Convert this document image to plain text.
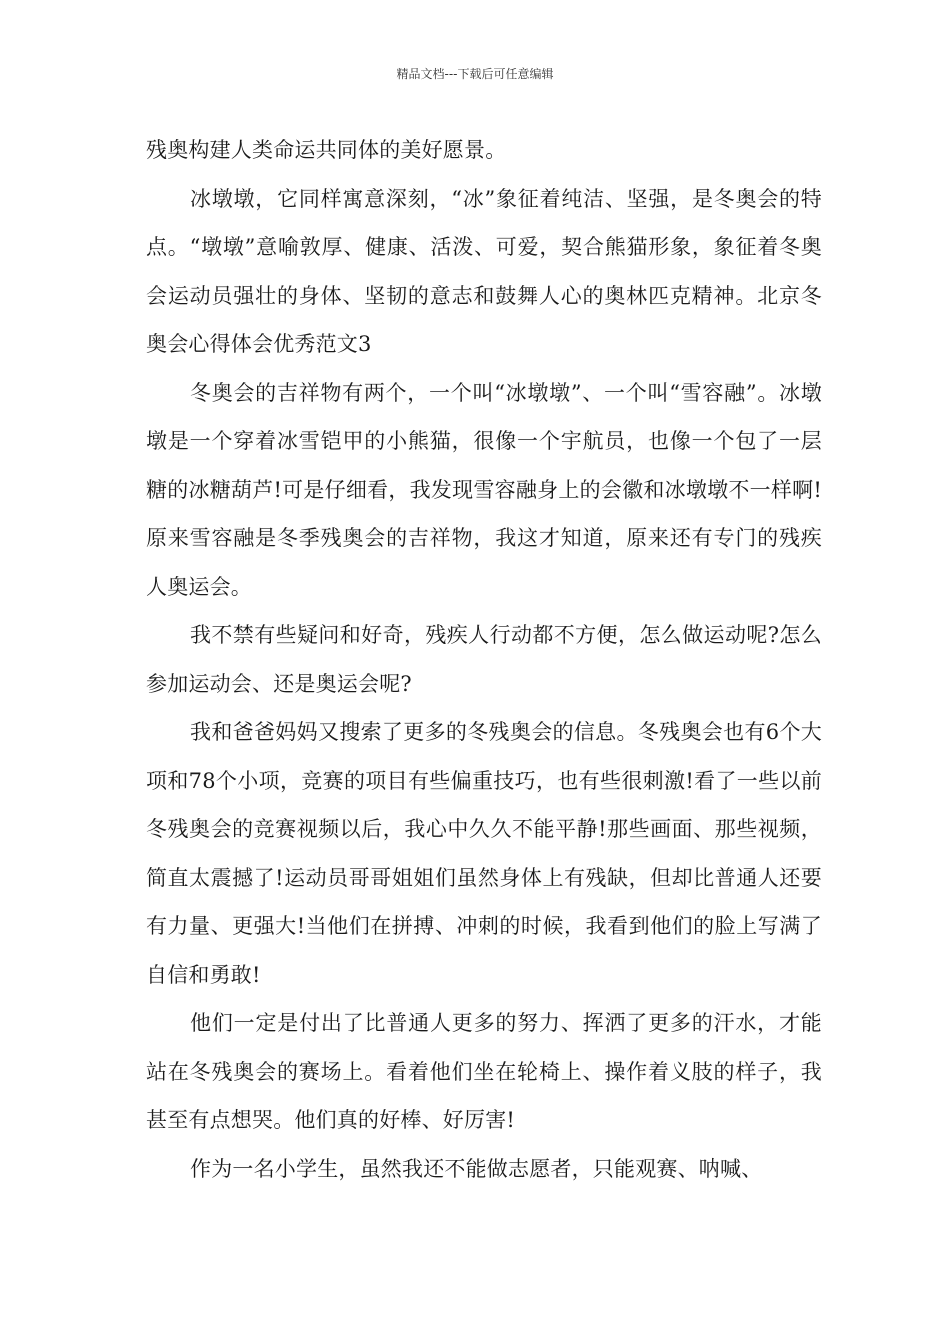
精品文档---下载后可任意编辑

残奥构建人类命运共同体的美好愿景。

冰墩墩，它同样寓意深刻，“冰”象征着纯洁、坚强，是冬奥会的特点。“墩墩”意喻敦厚、健康、活泼、可爱，契合熊猫形象，象征着冬奥会运动员强壮的身体、坚韧的意志和鼓舞人心的奥林匹克精神。北京冬奥会心得体会优秀范文3

冬奥会的吉祥物有两个，一个叫“冰墩墩”、一个叫“雪容融”。冰墩墩是一个穿着冰雪铠甲的小熊猫，很像一个宇航员，也像一个包了一层糖的冰糖葫芦!可是仔细看，我发现雪容融身上的会徽和冰墩墩不一样啊!原来雪容融是冬季残奥会的吉祥物，我这才知道，原来还有专门的残疾人奥运会。

我不禁有些疑问和好奇，残疾人行动都不方便，怎么做运动呢?怎么参加运动会、还是奥运会呢?

我和爸爸妈妈又搜索了更多的冬残奥会的信息。冬残奥会也有6个大项和78个小项，竞赛的项目有些偏重技巧，也有些很刺激!看了一些以前冬残奥会的竞赛视频以后，我心中久久不能平静!那些画面、那些视频，简直太震撼了!运动员哥哥姐姐们虽然身体上有残缺，但却比普通人还要有力量、更强大!当他们在拼搏、冲刺的时候，我看到他们的脸上写满了自信和勇敢!

他们一定是付出了比普通人更多的努力、挥洒了更多的汗水，才能站在冬残奥会的赛场上。看着他们坐在轮椅上、操作着义肢的样子，我甚至有点想哭。他们真的好棒、好厉害!

作为一名小学生，虽然我还不能做志愿者，只能观赛、呐喊、
